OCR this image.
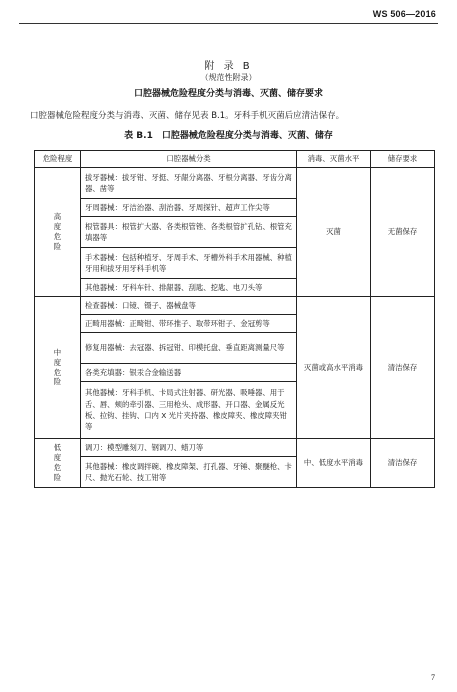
WS 506—2016
附 录 B
（规范性附录）
口腔器械危险程度分类与消毒、灭菌、储存要求
口腔器械危险程度分类与消毒、灭菌、储存见表 B.1。牙科手机灭菌后应清洁保存。
表 B.1　口腔器械危险程度分类与消毒、灭菌、储存
危险程度	口腔器械分类	消毒、灭菌水平	储存要求

高度危险	拔牙器械：拔牙钳、牙挺、牙龈分离器、牙根分离器、牙齿分离器、凿等	灭菌	无菌保存
	牙周器械：牙洁治器、刮治器、牙周探针、超声工作尖等		
	根管器具：根管扩大器、各类根管锉、各类根管扩孔钻、根管充填器等		
	手术器械：包括种植牙、牙周手术、牙槽外科手术用器械、种植牙用和拔牙用牙科手机等		
	其他器械：牙科车针、排龈器、刮匙、挖匙、电刀头等		

中度危险	检查器械：口镜、镊子、器械盘等	灭菌或高水平消毒	清洁保存
	正畸用器械：正畸钳、带环推子、取带环钳子、金冠剪等		
	修复用器械：去冠器、拆冠钳、印模托盘、垂直距离测量尺等		
	各类充填器：银汞合金输送器		
	其他器械：牙科手机、卡局式注射器、研光器、吸唾器、用于舌、唇、颊的牵引器、三用枪头、成形器、开口器、金属反光板、拉钩、挂钩、口内 X 光片夹持器、橡皮障夹、橡皮障夹钳等		

低度危险	调刀：模型雕刻刀、钢调刀、蜡刀等	中、低度水平消毒	清洁保存
	其他器械：橡皮调拌碗、橡皮障架、打孔器、牙锤、聚醚枪、卡尺、抛光石轮、技工钳等		
7
